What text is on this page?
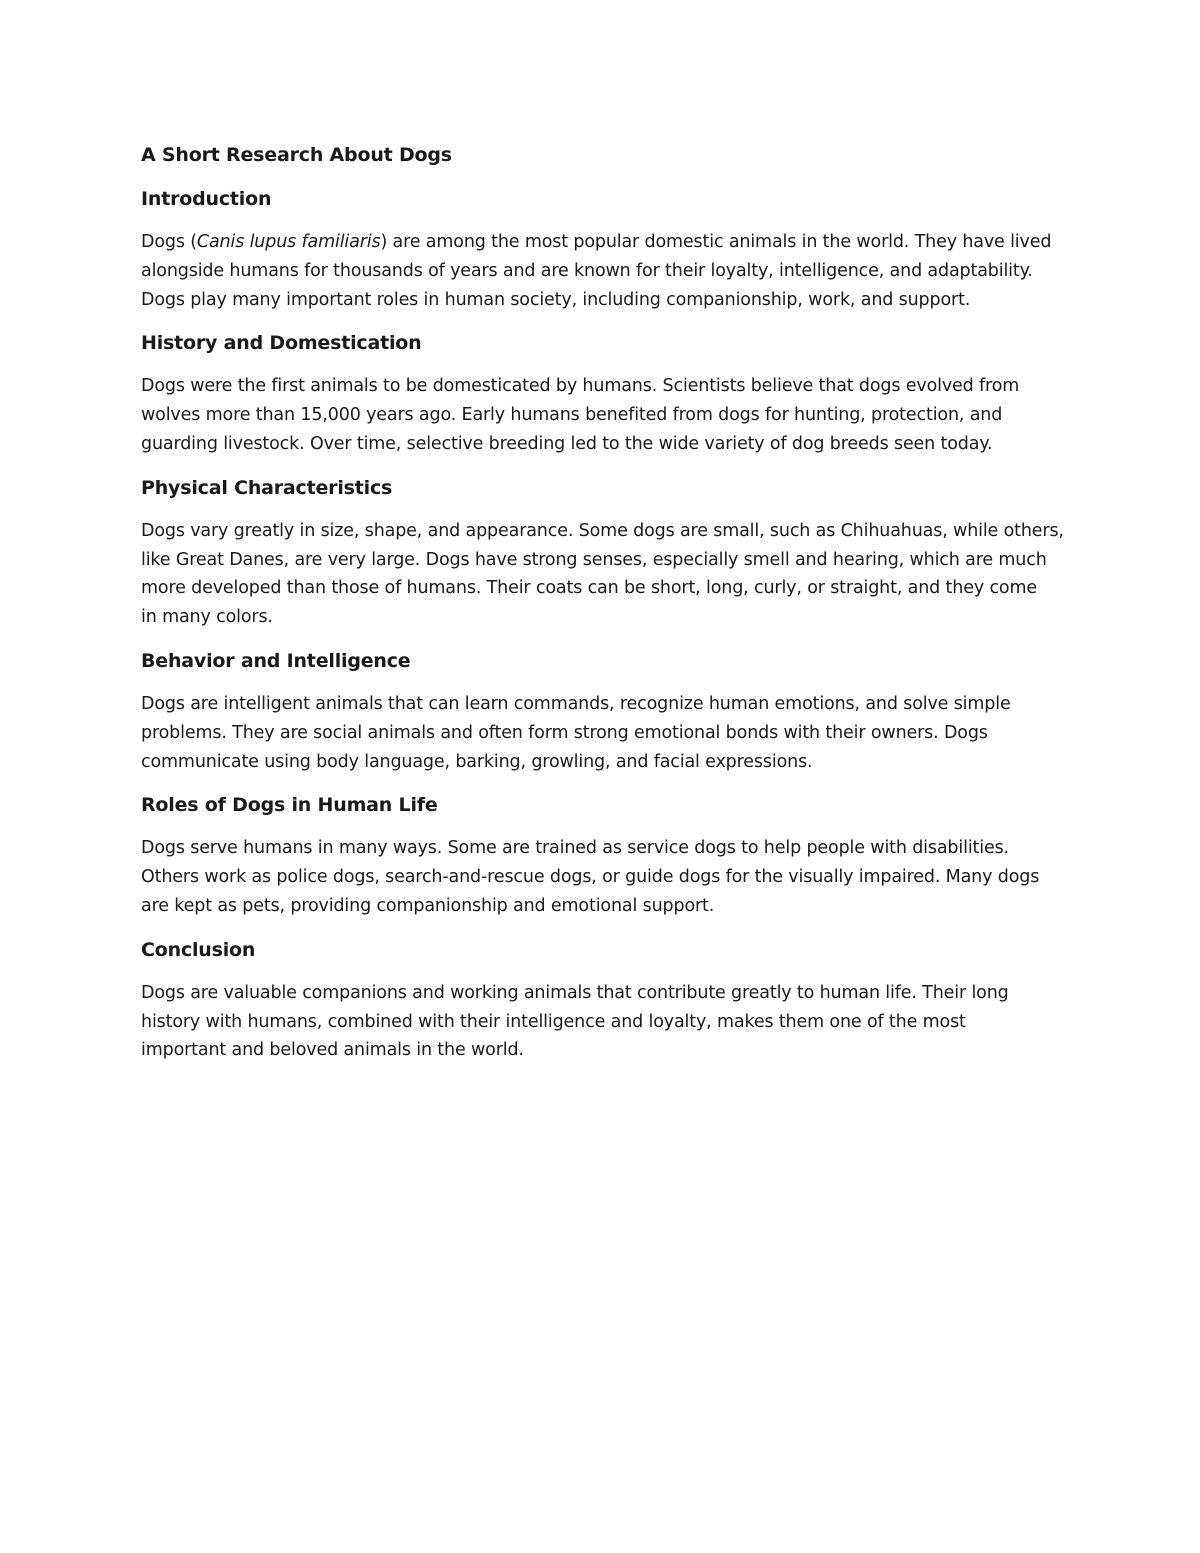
A Short Research About Dogs
Introduction
Dogs (Canis lupus familiaris) are among the most popular domestic animals in the world. They have lived
alongside humans for thousands of years and are known for their loyalty, intelligence, and adaptability.
Dogs play many important roles in human society, including companionship, work, and support.
History and Domestication
Dogs were the first animals to be domesticated by humans. Scientists believe that dogs evolved from
wolves more than 15,000 years ago. Early humans benefited from dogs for hunting, protection, and
guarding livestock. Over time, selective breeding led to the wide variety of dog breeds seen today.
Physical Characteristics
Dogs vary greatly in size, shape, and appearance. Some dogs are small, such as Chihuahuas, while others,
like Great Danes, are very large. Dogs have strong senses, especially smell and hearing, which are much
more developed than those of humans. Their coats can be short, long, curly, or straight, and they come
in many colors.
Behavior and Intelligence
Dogs are intelligent animals that can learn commands, recognize human emotions, and solve simple
problems. They are social animals and often form strong emotional bonds with their owners. Dogs
communicate using body language, barking, growling, and facial expressions.
Roles of Dogs in Human Life
Dogs serve humans in many ways. Some are trained as service dogs to help people with disabilities.
Others work as police dogs, search-and-rescue dogs, or guide dogs for the visually impaired. Many dogs
are kept as pets, providing companionship and emotional support.
Conclusion
Dogs are valuable companions and working animals that contribute greatly to human life. Their long
history with humans, combined with their intelligence and loyalty, makes them one of the most
important and beloved animals in the world.
